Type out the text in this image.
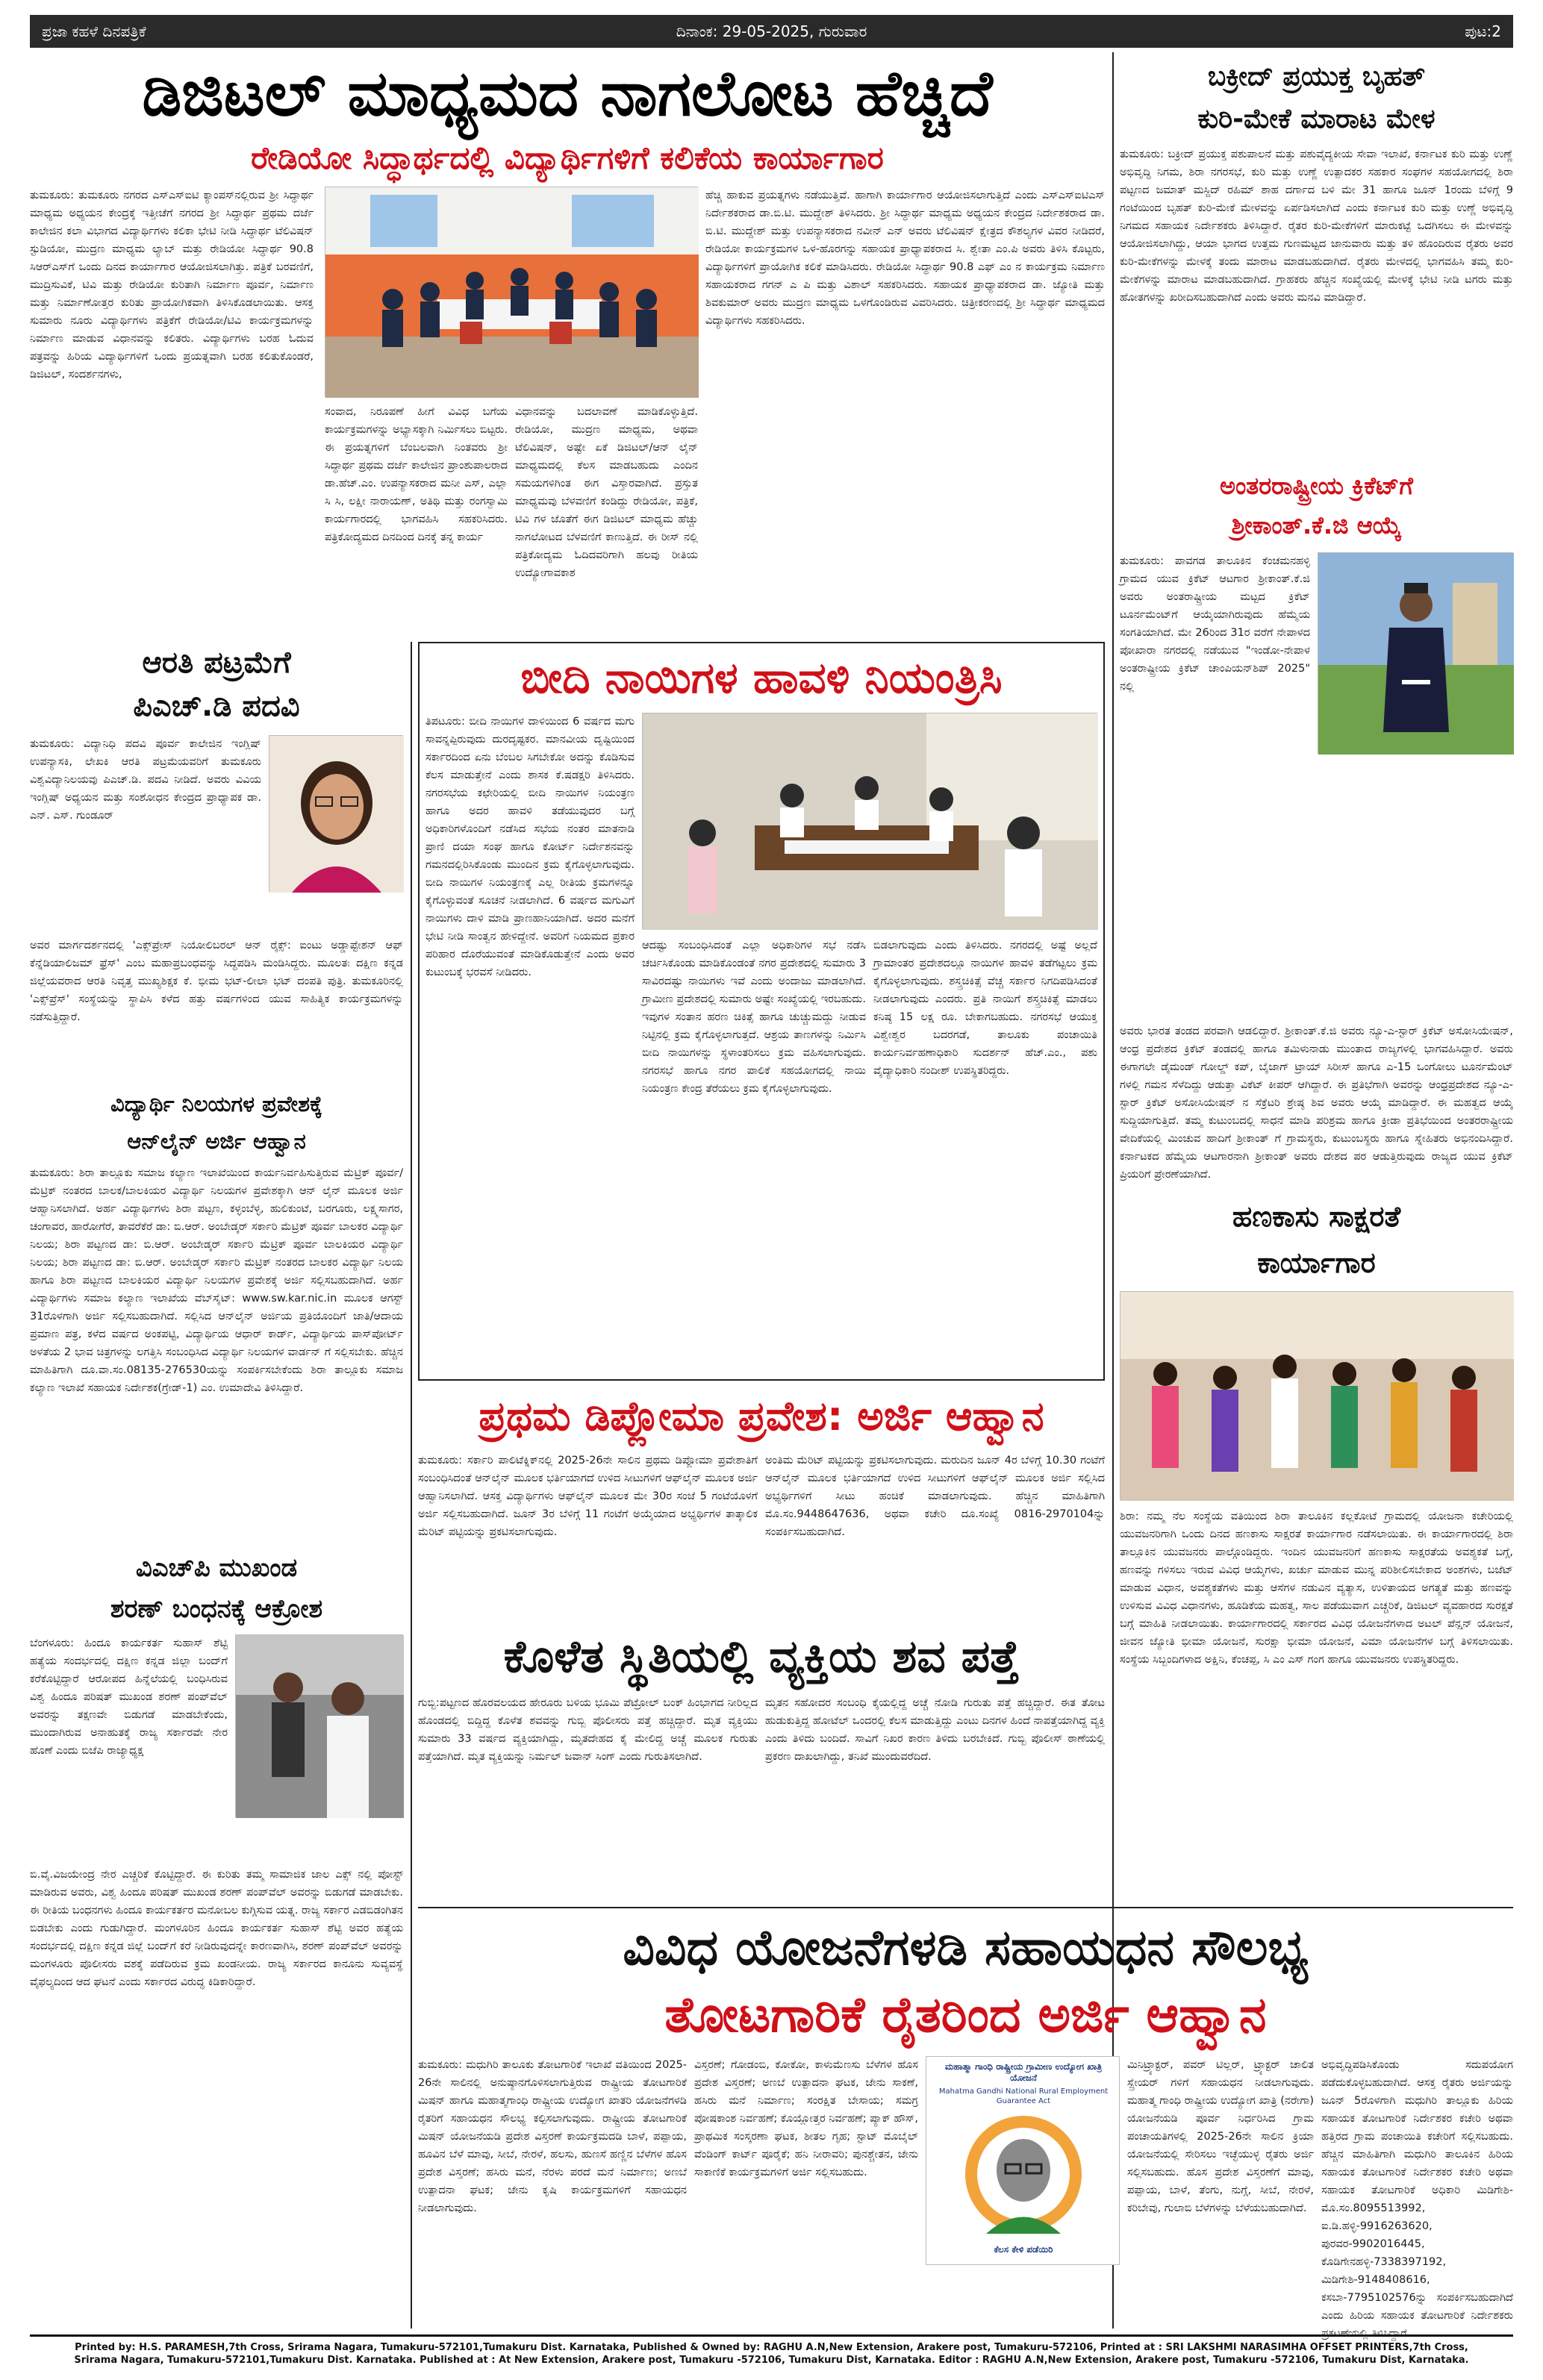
ಪ್ರಜಾ ಕಹಳೆ ದಿನಪತ್ರಿಕೆ	ದಿನಾಂಕ: 29-05-2025, ಗುರುವಾರ	ಪುಟ:2
ಡಿಜಿಟಲ್ ಮಾಧ್ಯಮದ ನಾಗಲೋಟ ಹೆಚ್ಚಿದೆ
ರೇಡಿಯೋ ಸಿದ್ಧಾರ್ಥದಲ್ಲಿ ವಿದ್ಯಾರ್ಥಿಗಳಿಗೆ ಕಲಿಕೆಯ ಕಾರ್ಯಾಗಾರ
ತುಮಕೂರು: ತುಮಕೂರು ನಗರದ ಎಸ್‌ಎಸ್‌ಐಟಿ ಕ್ಯಾಂಪಸ್‌ನಲ್ಲಿರುವ ಶ್ರೀ ಸಿದ್ಧಾರ್ಥ ಮಾಧ್ಯಮ ಅಧ್ಯಯನ ಕೇಂದ್ರಕ್ಕೆ ಇತ್ತೀಚೆಗೆ ನಗರದ ಶ್ರೀ ಸಿದ್ಧಾರ್ಥ ಪ್ರಥಮ ದರ್ಜೆ ಕಾಲೇಜಿನ ಕಲಾ ವಿಭಾಗದ ವಿದ್ಯಾರ್ಥಿಗಳು ಕಲಿಕಾ ಭೇಟಿ ನೀಡಿ ಸಿದ್ಧಾರ್ಥ ಟೆಲಿವಿಷನ್ ಸ್ಟುಡಿಯೋ, ಮುದ್ರಣ ಮಾಧ್ಯಮ ಲ್ಯಾಬ್ ಮತ್ತು ರೇಡಿಯೋ ಸಿದ್ಧಾರ್ಥ 90.8 ಸಿಆರ್‌ಎಸ್‌ಗೆ ಒಂದು ದಿನದ ಕಾರ್ಯಾಗಾರ ಆಯೋಜಿಸಲಾಗಿತ್ತು. ಪತ್ರಿಕೆ ಬರವಣಿಗೆ, ಮುದ್ರಿಸುವಿಕೆ, ಟಿವಿ ಮತ್ತು ರೇಡಿಯೋ ಕುರಿತಾಗಿ ನಿರ್ಮಾಣ ಪೂರ್ವ, ನಿರ್ಮಾಣ ಮತ್ತು ನಿರ್ಮಾಣೋತ್ತರ ಕುರಿತು ಪ್ರಾಯೋಗಿಕವಾಗಿ ತಿಳಿಸಿಕೊಡಲಾಯಿತು. ಆಸಕ್ತ ಸುಮಾರು ನೂರು ವಿದ್ಯಾರ್ಥಿಗಳು ಪತ್ರಿಕೆಗೆ ರೇಡಿಯೋ/ಟಿವಿ ಕಾರ್ಯಕ್ರಮಗಳನ್ನು ನಿರ್ಮಾಣ ಮಾಡುವ ವಿಧಾನವನ್ನು ಕಲಿತರು. ವಿದ್ಯಾರ್ಥಿಗಳು ಬರಹ ಓದುವ ಪತ್ರವನ್ನು ಹಿರಿಯ ವಿದ್ಯಾರ್ಥಿಗಳಿಗೆ ಒಂದು ಪ್ರಯತ್ನವಾಗಿ ಬರಹ ಕಲಿತುಕೊಂಡರೆ, ಡಿಜಿಟಲ್, ಸಂದರ್ಶನಗಳು,
ಸಂವಾದ, ನಿರೂಪಣೆ ಹೀಗೆ ವಿವಿಧ ಬಗೆಯ ಕಾರ್ಯಕ್ರಮಗಳನ್ನು ಅಭ್ಯಾಸಕ್ಕಾಗಿ ನಿರ್ಮಿಸಲು ಬಿಟ್ಟರು. ಈ ಪ್ರಯತ್ನಗಳಿಗೆ ಬೆಂಬಲವಾಗಿ ನಿಂತವರು ಶ್ರೀ ಸಿದ್ಧಾರ್ಥ ಪ್ರಥಮ ದರ್ಜೆ ಕಾಲೇಜಿನ ಪ್ರಾಂಶುಪಾಲರಾದ ಡಾ.ಹೆಚ್.ಎಂ. ಉಪನ್ಯಾಸಕರಾದ ಮನೀ ಎಸ್, ಎಲ್ಲಾ ಸಿ ಸಿ, ಲಕ್ಷೀ ನಾರಾಯಣ್, ಅತಿಥಿ ಮತ್ತು ರಂಗಸ್ವಾಮಿ ಕಾರ್ಯಗಾರದಲ್ಲಿ ಭಾಗವಹಿಸಿ ಸಹಕರಿಸಿದರು. ಪತ್ರಿಕೋದ್ಯಮದ ದಿನದಿಂದ ದಿನಕ್ಕೆ ತನ್ನ ಕಾರ್ಯ
ವಿಧಾನವನ್ನು ಬದಲಾವಣೆ ಮಾಡಿಕೊಳ್ಳುತ್ತಿದೆ. ರೇಡಿಯೋ, ಮುದ್ರಣ ಮಾಧ್ಯಮ, ಅಥವಾ ಟೆಲಿವಿಷನ್, ಅಷ್ಟೇ ಏಕೆ ಡಿಜಿಟಲ್/ಆನ್ ಲೈನ್ ಮಾಧ್ಯಮದಲ್ಲಿ ಕೆಲಸ ಮಾಡಬಹುದು ಎಂದಿನ ಸಮಯಗಳಿಗಿಂತ ಈಗ ವಿಸ್ತಾರವಾಗಿದೆ. ಪ್ರಸ್ತುತ ಮಾಧ್ಯಮವು ಬೆಳವಣಿಗೆ ಕಂಡಿದ್ದು ರೇಡಿಯೋ, ಪತ್ರಿಕೆ, ಟಿವಿ ಗಳ ಜೊತೆಗೆ ಈಗ ಡಿಜಿಟಲ್ ಮಾಧ್ಯಮ ಹೆಚ್ಚು ನಾಗಲೋಟದ ಬೆಳವಣಿಗೆ ಕಾಣುತ್ತಿದೆ. ಈ ರೀಸ್ ನಲ್ಲಿ ಪತ್ರಿಕೋದ್ಯಮ ಓದಿದವರಿಗಾಗಿ ಹಲವು ರೀತಿಯ ಉದ್ಯೋಗಾವಕಾಶ
ಹೆಚ್ಚಿ ಹಾಕುವ ಪ್ರಯತ್ನಗಳು ನಡೆಯುತ್ತಿವೆ. ಹಾಗಾಗಿ ಕಾರ್ಯಾಗಾರ ಆಯೋಜಿಸಲಾಗುತ್ತಿದೆ ಎಂದು ಎಸ್‌ಎಸ್‌ಐಟಿಎಸ್ ನಿರ್ದೇಶಕರಾದ ಡಾ.ಬಿ.ಟಿ. ಮುದ್ದೇಶ್ ತಿಳಿಸಿದರು. ಶ್ರೀ ಸಿದ್ಧಾರ್ಥ ಮಾಧ್ಯಮ ಅಧ್ಯಯನ ಕೇಂದ್ರದ ನಿರ್ದೇಶಕರಾದ ಡಾ. ಬಿ.ಟಿ. ಮುದ್ದೇಶ್ ಮತ್ತು ಉಪನ್ಯಾಸಕರಾದ ನವೀನ್ ಎನ್ ಅವರು ಟೆಲಿವಿಷನ್ ಕ್ಷೇತ್ರದ ಕೌಶಲ್ಯಗಳ ವಿವರ ನೀಡಿದರೆ, ರೇಡಿಯೋ ಕಾರ್ಯಕ್ರಮಗಳ ಒಳ-ಹೊರಗನ್ನು ಸಹಾಯಕ ಪ್ರಾಧ್ಯಾಪಕರಾದ ಸಿ. ಶ್ವೇತಾ ಎಂ.ಪಿ ಅವರು ತಿಳಿಸಿ ಕೊಟ್ಟರು, ವಿದ್ಯಾರ್ಥಿಗಳಿಗೆ ಪ್ರಾಯೋಗಿಕ ಕಲಿಕೆ ಮಾಡಿಸಿದರು. ರೇಡಿಯೋ ಸಿದ್ಧಾರ್ಥ 90.8 ಎಫ್ ಎಂ ನ ಕಾರ್ಯಕ್ರಮ ನಿರ್ಮಾಣ ಸಹಾಯಕರಾದ ಗಗನ್ ಎ ಪಿ ಮತ್ತು ವಿಶಾಲ್ ಸಹಕರಿಸಿದರು. ಸಹಾಯಕ ಪ್ರಾಧ್ಯಾಪಕರಾದ ಡಾ. ಜ್ಯೋತಿ ಮತ್ತು ಶಿವಕುಮಾರ್ ಅವರು ಮುದ್ರಣ ಮಾಧ್ಯಮ ಒಳಗೊಂಡಿರುವ ವಿವರಿಸಿದರು. ಚಿತ್ರೀಕರಣದಲ್ಲಿ ಶ್ರೀ ಸಿದ್ಧಾರ್ಥ ಮಾಧ್ಯಮದ ವಿದ್ಯಾರ್ಥಿಗಳು ಸಹಕರಿಸಿದರು.
ಬಕ್ರೀದ್ ಪ್ರಯುಕ್ತ ಬೃಹತ್
ಕುರಿ-ಮೇಕೆ ಮಾರಾಟ ಮೇಳ
ತುಮಕೂರು: ಬಕ್ರೀದ್ ಪ್ರಯುಕ್ತ ಪಶುಪಾಲನೆ ಮತ್ತು ಪಶುವೈದ್ಯಕೀಯ ಸೇವಾ ಇಲಾಖೆ, ಕರ್ನಾಟಕ ಕುರಿ ಮತ್ತು ಉಣ್ಣೆ ಅಭಿವೃದ್ಧಿ ನಿಗಮ, ಶಿರಾ ನಗರಸಭೆ, ಕುರಿ ಮತ್ತು ಉಣ್ಣೆ ಉತ್ಪಾದಕರ ಸಹಕಾರ ಸಂಘಗಳ ಸಹಯೋಗದಲ್ಲಿ ಶಿರಾ ಪಟ್ಟಣದ ಜಮಾತ್ ಮಸ್ಜಿದ್ ರಹಿಮ್ ಶಾಹ ದರ್ಗಾದ ಬಳಿ ಮೇ 31 ಹಾಗೂ ಜೂನ್ 1ರಂದು ಬೆಳಿಗ್ಗೆ 9 ಗಂಟೆಯಿಂದ ಬೃಹತ್ ಕುರಿ-ಮೇಕೆ ಮೇಳವನ್ನು ಏರ್ಪಡಿಸಲಾಗಿದೆ ಎಂದು ಕರ್ನಾಟಕ ಕುರಿ ಮತ್ತು ಉಣ್ಣೆ ಅಭಿವೃದ್ಧಿ ನಿಗಮದ ಸಹಾಯಕ ನಿರ್ದೇಶಕರು ತಿಳಿಸಿದ್ದಾರೆ. ರೈತರ ಕುರಿ-ಮೇಕೆಗಳಿಗೆ ಮಾರುಕಟ್ಟೆ ಒದಗಿಸಲು ಈ ಮೇಳವನ್ನು ಆಯೋಜಿಸಲಾಗಿದ್ದು, ಆಯಾ ಭಾಗದ ಉತ್ತಮ ಗುಣಮಟ್ಟದ ಜಾನುವಾರು ಮತ್ತು ತಳಿ ಹೊಂದಿರುವ ರೈತರು ಅವರ ಕುರಿ-ಮೇಕೆಗಳನ್ನು ಮೇಳಕ್ಕೆ ತಂದು ಮಾರಾಟ ಮಾಡಬಹುದಾಗಿದೆ. ರೈತರು ಮೇಳದಲ್ಲಿ ಭಾಗವಹಿಸಿ ತಮ್ಮ ಕುರಿ-ಮೇಕೆಗಳನ್ನು ಮಾರಾಟ ಮಾಡಬಹುದಾಗಿದೆ. ಗ್ರಾಹಕರು ಹೆಚ್ಚಿನ ಸಂಖ್ಯೆಯಲ್ಲಿ ಮೇಳಕ್ಕೆ ಭೇಟಿ ನೀಡಿ ಟಗರು ಮತ್ತು ಹೋತಗಳನ್ನು ಖರೀದಿಸಬಹುದಾಗಿದೆ ಎಂದು ಅವರು ಮನವಿ ಮಾಡಿದ್ದಾರೆ.
ಅಂತರರಾಷ್ಟ್ರೀಯ ಕ್ರಿಕೆಟ್‌ಗೆ
ಶ್ರೀಕಾಂತ್.ಕೆ.ಜಿ ಆಯ್ಕೆ
ತುಮಕೂರು: ಪಾವಗಡ ತಾಲೂಕಿನ ಕೆಂಚಮನಹಳ್ಳಿ ಗ್ರಾಮದ ಯುವ ಕ್ರಿಕೆಟ್ ಆಟಗಾರ ಶ್ರೀಕಾಂತ್.ಕೆ.ಜಿ ಅವರು ಅಂತರಾಷ್ಟ್ರೀಯ ಮಟ್ಟದ ಕ್ರಿಕೆಟ್ ಟೂರ್ನಮೆಂಟ್‌ಗೆ ಆಯ್ಕೆಯಾಗಿರುವುದು ಹೆಮ್ಮೆಯ ಸಂಗತಿಯಾಗಿದೆ. ಮೇ 26ರಿಂದ 31ರ ವರೆಗೆ ನೇಪಾಳದ ಪೋಖಾರಾ ನಗರದಲ್ಲಿ ನಡೆಯುವ "ಇಂಡೋ-ನೇಪಾಳ ಅಂತರಾಷ್ಟ್ರೀಯ ಕ್ರಿಕೆಟ್ ಚಾಂಪಿಯನ್‌ಶಿಪ್ 2025" ನಲ್ಲಿ
ಅವರು ಭಾರತ ತಂಡದ ಪರವಾಗಿ ಆಡಲಿದ್ದಾರೆ. ಶ್ರೀಕಾಂತ್.ಕೆ.ಜಿ ಅವರು ನ್ಯೂ-ಎ-ಸ್ಟಾರ್ ಕ್ರಿಕೆಟ್ ಅಸೋಸಿಯೇಷನ್, ಆಂಧ್ರ ಪ್ರದೇಶದ ಕ್ರಿಕೆಟ್ ತಂಡದಲ್ಲಿ ಹಾಗೂ ತಮಿಳುನಾಡು ಮುಂತಾದ ರಾಜ್ಯಗಳಲ್ಲಿ ಭಾಗವಹಿಸಿದ್ದಾರೆ. ಅವರು ಈಗಾಗಲೇ ಡೈಮಂಡ್ ಗೋಲ್ಡ್ ಕಪ್, ಬೈಜಾಗ್ ಟ್ರಾಯ್ ಸಿರೀಸ್ ಹಾಗೂ ಎ-15 ಒಂಗೋಲು ಟೂರ್ನಮೆಂಟ್ ಗಳಲ್ಲಿ ಗಮನ ಸೆಳೆದಿದ್ದು ಆಡುತ್ತಾ ವಿಕೆಟ್ ಕೀಪರ್ ಆಗಿದ್ದಾರೆ. ಈ ಪ್ರತಿಭೆಗಾಗಿ ಅವರನ್ನು ಆಂಧ್ರಪ್ರದೇಶದ ನ್ಯೂ-ಎ-ಸ್ಟಾರ್ ಕ್ರಿಕೆಟ್ ಅಸೋಸಿಯೇಷನ್ ನ ಸೆಕ್ರೆಟರಿ ಶ್ರೇಷ್ಠ ಶಿವ ಅವರು ಆಯ್ಕೆ ಮಾಡಿದ್ದಾರೆ. ಈ ಮಹತ್ವದ ಆಯ್ಕೆ ಸುದ್ದಿಯಾಗುತ್ತಿದೆ. ತಮ್ಮ ಕುಟುಂಬದಲ್ಲಿ ಸಾಧನೆ ಮಾಡಿ ಪರಿಶ್ರಮ ಹಾಗೂ ಕ್ರೀಡಾ ಪ್ರತಿಭೆಯಿಂದ ಅಂತರರಾಷ್ಟ್ರೀಯ ವೇದಿಕೆಯಲ್ಲಿ ಮಿಂಚುವ ಹಾದಿಗೆ ಶ್ರೀಕಾಂತ್ ಗೆ ಗ್ರಾಮಸ್ಥರು, ಕುಟುಂಬಸ್ಥರು ಹಾಗೂ ಸ್ನೇಹಿತರು ಅಭಿನಂದಿಸಿದ್ದಾರೆ. ಕರ್ನಾಟಕದ ಹೆಮ್ಮೆಯ ಆಟಗಾರನಾಗಿ ಶ್ರೀಕಾಂತ್ ಅವರು ದೇಶದ ಪರ ಆಡುತ್ತಿರುವುದು ರಾಜ್ಯದ ಯುವ ಕ್ರಿಕೆಟ್ ಪ್ರಿಯರಿಗೆ ಪ್ರೇರಣೆಯಾಗಿದೆ.
ಆರತಿ ಪಟ್ರಮೆಗೆ
ಪಿಎಚ್.ಡಿ ಪದವಿ
ತುಮಕೂರು: ವಿದ್ಯಾನಿಧಿ ಪದವಿ ಪೂರ್ವ ಕಾಲೇಜಿನ ಇಂಗ್ಲಿಷ್ ಉಪನ್ಯಾಸಕಿ, ಲೇಖಕಿ ಆರತಿ ಪಟ್ರಮೆಯವರಿಗೆ ತುಮಕೂರು ವಿಶ್ವವಿದ್ಯಾನಿಲಯವು ಪಿಎಚ್.ಡಿ. ಪದವಿ ನೀಡಿದೆ. ಅವರು ವಿವಿಯ ಇಂಗ್ಲಿಷ್ ಅಧ್ಯಯನ ಮತ್ತು ಸಂಶೋಧನ ಕೇಂದ್ರದ ಪ್ರಾಧ್ಯಾಪಕ ಡಾ. ಎನ್. ಎಸ್. ಗುಂಡೂರ್
ಅವರ ಮಾರ್ಗದರ್ಶನದಲ್ಲಿ 'ಎಕ್ಸ್‌ಪ್ರೇಸ್ ನಿಯೋಲಿಬರಲ್ ಆನ್ ರೈಕ್ಸ್: ಐಂಟು ಅಡ್ಡಾಪ್ಟೇಶನ್ ಆಫ್ ಕೆನ್ನೆಡಿಯಾಲಿಜಮ್ ಫ್ರೆಸ್' ಎಂಬ ಮಹಾಪ್ರಬಂಧವನ್ನು ಸಿದ್ಧಪಡಿಸಿ ಮಂಡಿಸಿದ್ದರು. ಮೂಲತಃ ದಕ್ಷಿಣ ಕನ್ನಡ ಜಿಲ್ಲೆಯವರಾದ ಆರತಿ ನಿವೃತ್ತ ಮುಖ್ಯಶಿಕ್ಷಕ ಕೆ. ಭೀಮ ಭಟ್-ಲೀಲಾ ಭಟ್ ದಂಪತಿ ಪುತ್ರಿ. ತುಮಕೂರಿನಲ್ಲಿ 'ಎಕ್ಸ್‌ಪ್ರೆಸ್' ಸಂಸ್ಥೆಯನ್ನು ಸ್ಥಾಪಿಸಿ ಕಳೆದ ಹತ್ತು ವರ್ಷಗಳಿಂದ ಯುವ ಸಾಹಿತ್ಯಿಕ ಕಾರ್ಯಕ್ರಮಗಳನ್ನು ನಡೆಸುತ್ತಿದ್ದಾರೆ.
ವಿದ್ಯಾರ್ಥಿ ನಿಲಯಗಳ ಪ್ರವೇಶಕ್ಕೆ
ಆನ್‌ಲೈನ್ ಅರ್ಜಿ ಆಹ್ವಾನ
ತುಮಕೂರು: ಶಿರಾ ತಾಲ್ಲೂಕು ಸಮಾಜ ಕಲ್ಯಾಣ ಇಲಾಖೆಯಿಂದ ಕಾರ್ಯನಿರ್ವಹಿಸುತ್ತಿರುವ ಮೆಟ್ರಿಕ್ ಪೂರ್ವ/ಮೆಟ್ರಿಕ್ ನಂತರದ ಬಾಲಕ/ಬಾಲಕಿಯರ ವಿದ್ಯಾರ್ಥಿ ನಿಲಯಗಳ ಪ್ರವೇಶಕ್ಕಾಗಿ ಆನ್ ಲೈನ್ ಮೂಲಕ ಅರ್ಜಿ ಆಹ್ವಾನಿಸಲಾಗಿದೆ. ಅರ್ಹ ವಿದ್ಯಾರ್ಥಿಗಳು ಶಿರಾ ಪಟ್ಟಣ, ಕಳ್ಳಂಬೆಳ್ಳ, ಹುಲಿಕುಂಟೆ, ಬರಗೂರು, ಲಕ್ಷ್ಮಸಾಗರ, ಚಂಗಾವರ, ಹಾರೋಗೆರೆ, ತಾವರೆಕೆರೆ ಡಾ: ಬಿ.ಆರ್. ಅಂಬೇಡ್ಕರ್ ಸರ್ಕಾರಿ ಮೆಟ್ರಿಕ್ ಪೂರ್ವ ಬಾಲಕರ ವಿದ್ಯಾರ್ಥಿ ನಿಲಯ; ಶಿರಾ ಪಟ್ಟಣದ ಡಾ: ಬಿ.ಆರ್. ಅಂಬೇಡ್ಕರ್ ಸರ್ಕಾರಿ ಮೆಟ್ರಿಕ್ ಪೂರ್ವ ಬಾಲಕಿಯರ ವಿದ್ಯಾರ್ಥಿ ನಿಲಯ; ಶಿರಾ ಪಟ್ಟಣದ ಡಾ: ಬಿ.ಆರ್. ಅಂಬೇಡ್ಕರ್ ಸರ್ಕಾರಿ ಮೆಟ್ರಿಕ್ ನಂತರದ ಬಾಲಕರ ವಿದ್ಯಾರ್ಥಿ ನಿಲಯ ಹಾಗೂ ಶಿರಾ ಪಟ್ಟಣದ ಬಾಲಕಿಯರ ವಿದ್ಯಾರ್ಥಿ ನಿಲಯಗಳ ಪ್ರವೇಶಕ್ಕೆ ಅರ್ಜಿ ಸಲ್ಲಿಸಬಹುದಾಗಿದೆ. ಅರ್ಹ ವಿದ್ಯಾರ್ಥಿಗಳು ಸಮಾಜ ಕಲ್ಯಾಣ ಇಲಾಖೆಯ ವೆಬ್‌ಸೈಟ್: www.sw.kar.nic.in ಮೂಲಕ ಆಗಸ್ಟ್ 31ರೊಳಗಾಗಿ ಅರ್ಜಿ ಸಲ್ಲಿಸಬಹುದಾಗಿದೆ. ಸಲ್ಲಿಸಿದ ಆನ್‌ಲೈನ್ ಅರ್ಜಿಯ ಪ್ರತಿಯೊಂದಿಗೆ ಜಾತಿ/ಆದಾಯ ಪ್ರಮಾಣ ಪತ್ರ, ಕಳೆದ ವರ್ಷದ ಅಂಕಪಟ್ಟಿ, ವಿದ್ಯಾರ್ಥಿಯ ಆಧಾರ್ ಕಾರ್ಡ್, ವಿದ್ಯಾರ್ಥಿಯ ಪಾಸ್‌ಪೋರ್ಟ್ ಅಳತೆಯ 2 ಭಾವ ಚಿತ್ರಗಳನ್ನು ಲಗತ್ತಿಸಿ ಸಂಬಂಧಿಸಿದ ವಿದ್ಯಾರ್ಥಿ ನಿಲಯಗಳ ವಾರ್ಡನ್ ಗೆ ಸಲ್ಲಿಸಬೇಕು. ಹೆಚ್ಚಿನ ಮಾಹಿತಿಗಾಗಿ ದೂ.ವಾ.ಸಂ.08135-276530ಯನ್ನು ಸಂಪರ್ಕಿಸಬೇಕೆಂದು ಶಿರಾ ತಾಲ್ಲೂಕು ಸಮಾಜ ಕಲ್ಯಾಣ ಇಲಾಖೆ ಸಹಾಯಕ ನಿರ್ದೇಶಕ(ಗ್ರೇಡ್-1) ಎಂ. ಉಮಾದೇವಿ ತಿಳಿಸಿದ್ದಾರೆ.
ವಿಎಚ್‌ಪಿ ಮುಖಂಡ
ಶರಣ್ ಬಂಧನಕ್ಕೆ ಆಕ್ರೋಶ
ಬೆಂಗಳೂರು: ಹಿಂದೂ ಕಾರ್ಯಕರ್ತ ಸುಹಾಸ್ ಶೆಟ್ಟಿ ಹತ್ಯೆಯ ಸಂದರ್ಭದಲ್ಲಿ ದಕ್ಷಿಣ ಕನ್ನಡ ಜಿಲ್ಲಾ ಬಂದ್‌ಗೆ ಕರೆಕೊಟ್ಟಿದ್ದಾರೆ ಆರೋಪದ ಹಿನ್ನೆಲೆಯಲ್ಲಿ ಬಂಧಿಸಿರುವ ವಿಶ್ವ ಹಿಂದೂ ಪರಿಷತ್ ಮುಖಂಡ ಶರಣ್ ಪಂಪ್‌ವೆಲ್ ಅವರನ್ನು ತಕ್ಷಣವೇ ಬಿಡುಗಡೆ ಮಾಡಬೇಕೆಂದು, ಮುಂದಾಗಿರುವ ಅನಾಹುತಕ್ಕೆ ರಾಜ್ಯ ಸರ್ಕಾರವೇ ನೇರ ಹೊಣೆ ಎಂದು ಬಿಜೆಪಿ ರಾಜ್ಯಾಧ್ಯಕ್ಷ
ಬಿ.ವೈ.ವಿಜಯೇಂದ್ರ ನೇರ ಎಚ್ಚರಿಕೆ ಕೊಟ್ಟಿದ್ದಾರೆ. ಈ ಕುರಿತು ತಮ್ಮ ಸಾಮಾಜಿಕ ಜಾಲ ಎಕ್ಸ್ ನಲ್ಲಿ ಪೋಸ್ಟ್ ಮಾಡಿರುವ ಅವರು, ವಿಶ್ವ ಹಿಂದೂ ಪರಿಷತ್ ಮುಖಂಡ ಶರಣ್ ಪಂಪ್‌ವೆಲ್ ಅವರನ್ನು ಬಿಡುಗಡೆ ಮಾಡಬೇಕು. ಈ ರೀತಿಯ ಬಂಧನಗಳು ಹಿಂದೂ ಕಾರ್ಯಕರ್ತರ ಮನೋಬಲ ಕುಗ್ಗಿಸುವ ಯತ್ನ. ರಾಜ್ಯ ಸರ್ಕಾರ ಎಡಬಿಡಂಗಿತನ ಬಿಡಬೇಕು ಎಂದು ಗುಡುಗಿದ್ದಾರೆ. ಮಂಗಳೂರಿನ ಹಿಂದೂ ಕಾರ್ಯಕರ್ತ ಸುಹಾಸ್ ಶೆಟ್ಟಿ ಅವರ ಹತ್ಯೆಯ ಸಂದರ್ಭದಲ್ಲಿ ದಕ್ಷಿಣ ಕನ್ನಡ ಜಿಲ್ಲೆ ಬಂದ್‌ಗೆ ಕರೆ ನೀಡಿರುವುದನ್ನೇ ಕಾರಣವಾಗಿಸಿ, ಶರಣ್ ಪಂಪ್‌ವೆಲ್ ಅವರನ್ನು ಮಂಗಳೂರು ಪೊಲೀಸರು ವಶಕ್ಕೆ ಪಡೆದಿರುವ ಕ್ರಮ ಖಂಡನೀಯ. ರಾಜ್ಯ ಸರ್ಕಾರದ ಕಾನೂನು ಸುವ್ಯವಸ್ಥೆ ವೈಫಲ್ಯದಿಂದ ಆದ ಘಟನೆ ಎಂದು ಸರ್ಕಾರದ ವಿರುದ್ಧ ಕಿಡಿಕಾರಿದ್ದಾರೆ.
ಬೀದಿ ನಾಯಿಗಳ ಹಾವಳಿ ನಿಯಂತ್ರಿಸಿ
ತಿಪಟೂರು: ಬೀದಿ ನಾಯಿಗಳ ದಾಳಿಯಿಂದ 6 ವರ್ಷದ ಮಗು ಸಾವನ್ನಪ್ಪಿರುವುದು ದುರದೃಷ್ಟಕರ. ಮಾನವೀಯ ದೃಷ್ಟಿಯಿಂದ ಸರ್ಕಾರದಿಂದ ಏನು ಬೆಂಬಲ ಸಿಗಬೇಕೋ ಅದನ್ನು ಕೊಡಿಸುವ ಕೆಲಸ ಮಾಡುತ್ತೇನೆ ಎಂದು ಶಾಸಕ ಕೆ.ಷಡಕ್ಷರಿ ತಿಳಿಸಿದರು. ನಗರಸಭೆಯ ಕಛೇರಿಯಲ್ಲಿ ಬೀದಿ ನಾಯಿಗಳ ನಿಯಂತ್ರಣ ಹಾಗೂ ಅದರ ಹಾವಳಿ ತಡೆಯುವುದರ ಬಗ್ಗೆ ಅಧಿಕಾರಿಗಳೊಂದಿಗೆ ನಡೆಸಿದ ಸಭೆಯ ನಂತರ ಮಾತನಾಡಿ ಪ್ರಾಣಿ ದಯಾ ಸಂಘ ಹಾಗೂ ಕೋರ್ಟ್ ನಿರ್ದೇಶನವನ್ನು ಗಮನದಲ್ಲಿರಿಸಿಕೊಂಡು ಮುಂದಿನ ಕ್ರಮ ಕೈಗೊಳ್ಳಲಾಗುವುದು. ಬೀದಿ ನಾಯಿಗಳ ನಿಯಂತ್ರಣಕ್ಕೆ ಎಲ್ಲ ರೀತಿಯ ಕ್ರಮಗಳನ್ನೂ ಕೈಗೊಳ್ಳುವಂತೆ ಸೂಚನೆ ನೀಡಲಾಗಿದೆ. 6 ವರ್ಷದ ಮಗುವಿಗೆ ನಾಯಿಗಳು ದಾಳಿ ಮಾಡಿ ಪ್ರಾಣಹಾನಿಯಾಗಿದೆ. ಅದರ ಮನೆಗೆ ಭೇಟಿ ನೀಡಿ ಸಾಂತ್ವನ ಹೇಳಿದ್ದೇನೆ. ಅವರಿಗೆ ನಿಯಮದ ಪ್ರಕಾರ ಪರಿಹಾರ ದೊರೆಯುವಂತೆ ಮಾಡಿಕೊಡುತ್ತೇನೆ ಎಂದು ಅವರ ಕುಟುಂಬಕ್ಕೆ ಭರವಸೆ ನೀಡಿದರು.
ಆದಷ್ಟು ಸಂಬಂಧಿಸಿದಂತೆ ಎಲ್ಲಾ ಅಧಿಕಾರಿಗಳ ಸಭೆ ನಡೆಸಿ ಚರ್ಚಿಸಿಕೊಂಡು ಮಾಡಿಕೊಂಡಂತೆ ನಗರ ಪ್ರದೇಶದಲ್ಲಿ ಸುಮಾರು 3 ಸಾವಿರದಷ್ಟು ನಾಯಿಗಳು ಇವೆ ಎಂದು ಅಂದಾಜು ಮಾಡಲಾಗಿದೆ. ಗ್ರಾಮೀಣ ಪ್ರದೇಶದಲ್ಲಿ ಸುಮಾರು ಅಷ್ಟೇ ಸಂಖ್ಯೆಯಲ್ಲಿ ಇರಬಹುದು. ಇವುಗಳ ಸಂತಾನ ಹರಣ ಚಿಕಿತ್ಸೆ ಹಾಗೂ ಚುಚ್ಚುಮದ್ದು ನೀಡುವ ನಿಟ್ಟಿನಲ್ಲಿ ಕ್ರಮ ಕೈಗೊಳ್ಳಲಾಗುತ್ತದೆ. ಆಶ್ರಯ ತಾಣಗಳನ್ನು ನಿರ್ಮಿಸಿ ಬೀದಿ ನಾಯಿಗಳನ್ನು ಸ್ಥಳಾಂತರಿಸಲು ಕ್ರಮ ವಹಿಸಲಾಗುವುದು. ನಗರಸಭೆ ಹಾಗೂ ನಗರ ಪಾಲಿಕೆ ಸಹಯೋಗದಲ್ಲಿ ನಾಯಿ ನಿಯಂತ್ರಣ ಕೇಂದ್ರ ತೆರೆಯಲು ಕ್ರಮ ಕೈಗೊಳ್ಳಲಾಗುವುದು.
ಬಿಡಲಾಗುವುದು ಎಂದು ತಿಳಿಸಿದರು. ನಗರದಲ್ಲಿ ಅಷ್ಟೆ ಅಲ್ಲದೆ ಗ್ರಾಮಾಂತರ ಪ್ರದೇಶದಲ್ಲೂ ನಾಯಿಗಳ ಹಾವಳಿ ತಡೆಗಟ್ಟಲು ಕ್ರಮ ಕೈಗೊಳ್ಳಲಾಗುವುದು. ಶಸ್ತ್ರಚಿಕಿತ್ಸೆ ವೆಚ್ಚ ಸರ್ಕಾರ ನಿಗದಿಪಡಿಸಿದಂತೆ ನೀಡಲಾಗುವುದು ಎಂದರು. ಪ್ರತಿ ನಾಯಿಗೆ ಶಸ್ತ್ರಚಿಕಿತ್ಸೆ ಮಾಡಲು ಕನಿಷ್ಠ 15 ಲಕ್ಷ ರೂ. ಬೇಕಾಗಬಹುದು. ನಗರಸಭೆ ಆಯುಕ್ತ ವಿಶ್ವೇಶ್ವರ ಬದರಗಡೆ, ತಾಲೂಕು ಪಂಚಾಯಿತಿ ಕಾರ್ಯನಿರ್ವಹಣಾಧಿಕಾರಿ ಸುದರ್ಶನ್ ಹೆಚ್.ಎಂ., ಪಶು ವೈದ್ಯಾಧಿಕಾರಿ ನಂದೀಶ್ ಉಪಸ್ಥಿತರಿದ್ದರು.
ಪ್ರಥಮ ಡಿಪ್ಲೋಮಾ ಪ್ರವೇಶ: ಅರ್ಜಿ ಆಹ್ವಾನ
ತುಮಕೂರು: ಸರ್ಕಾರಿ ಪಾಲಿಟೆಕ್ನಿಕ್‌ನಲ್ಲಿ 2025-26ನೇ ಸಾಲಿನ ಪ್ರಥಮ ಡಿಪ್ಲೋಮಾ ಪ್ರವೇಶಾತಿಗೆ ಸಂಬಂಧಿಸಿದಂತೆ ಆನ್‌ಲೈನ್ ಮೂಲಕ ಭರ್ತಿಯಾಗದೆ ಉಳಿದ ಸೀಟುಗಳಿಗೆ ಆಫ್‌ಲೈನ್ ಮೂಲಕ ಅರ್ಜಿ ಆಹ್ವಾನಿಸಲಾಗಿದೆ. ಆಸಕ್ತ ವಿದ್ಯಾರ್ಥಿಗಳು ಆಫ್‌ಲೈನ್ ಮೂಲಕ ಮೇ 30ರ ಸಂಜೆ 5 ಗಂಟೆಯೊಳಗೆ ಅರ್ಜಿ ಸಲ್ಲಿಸಬಹುದಾಗಿದೆ. ಜೂನ್ 3ರ ಬೆಳಿಗ್ಗೆ 11 ಗಂಟೆಗೆ ಅಯ್ಕೆಯಾದ ಅಭ್ಯರ್ಥಿಗಳ ತಾತ್ಕಾಲಿಕ ಮೆರಿಟ್ ಪಟ್ಟಿಯನ್ನು ಪ್ರಕಟಿಸಲಾಗುವುದು.
ಅಂತಿಮ ಮೆರಿಟ್ ಪಟ್ಟಿಯನ್ನು ಪ್ರಕಟಿಸಲಾಗುವುದು. ಮರುದಿನ ಜೂನ್ 4ರ ಬೆಳಿಗ್ಗೆ 10.30 ಗಂಟೆಗೆ ಆನ್‌ಲೈನ್ ಮೂಲಕ ಭರ್ತಿಯಾಗದೆ ಉಳಿದ ಸೀಟುಗಳಿಗೆ ಆಫ್‌ಲೈನ್ ಮೂಲಕ ಅರ್ಜಿ ಸಲ್ಲಿಸಿದ ಅಭ್ಯರ್ಥಿಗಳಿಗೆ ಸೀಟು ಹಂಚಿಕೆ ಮಾಡಲಾಗುವುದು. ಹೆಚ್ಚಿನ ಮಾಹಿತಿಗಾಗಿ ಮೊ.ಸಂ.9448647636, ಅಥವಾ ಕಚೇರಿ ದೂ.ಸಂಖ್ಯೆ 0816-2970104ನ್ನು ಸಂಪರ್ಕಿಸಬಹುದಾಗಿದೆ.
ಕೊಳೆತ ಸ್ಥಿತಿಯಲ್ಲಿ ವ್ಯಕ್ತಿಯ ಶವ ಪತ್ತೆ
ಗುಬ್ಬಿ:ಪಟ್ಟಣದ ಹೊರವಲಯದ ಹೇರೂರು ಬಳಿಯ ಭೂಮಿ ಪೆಟ್ರೋಲ್ ಬಂಕ್ ಹಿಂಭಾಗದ ನೀರಿಲ್ಲದ ಹೊಂಡದಲ್ಲಿ ಬಿದ್ದಿದ್ದ ಕೊಳೆತ ಶವವನ್ನು ಗುಬ್ಬಿ ಪೊಲೀಸರು ಪತ್ತೆ ಹಚ್ಚಿದ್ದಾರೆ. ಮೃತ ವ್ಯಕ್ತಿಯು ಸುಮಾರು 33 ವರ್ಷದ ವ್ಯಕ್ತಿಯಾಗಿದ್ದು, ಮೃತದೇಹದ ಕೈ ಮೇಲಿದ್ದ ಅಚ್ಚೆ ಮೂಲಕ ಗುರುತು ಪತ್ತೆಯಾಗಿದೆ. ಮೃತ ವ್ಯಕ್ತಿಯನ್ನು ನಿರ್ಮಲ್ ಜವಾನ್ ಸಿಂಗ್ ಎಂದು ಗುರುತಿಸಲಾಗಿದೆ.
ಮೃತನ ಸಹೋದರ ಸಂಬಂಧಿ ಕೈಯಲ್ಲಿದ್ದ ಅಚ್ಚೆ ನೋಡಿ ಗುರುತು ಪತ್ತೆ ಹಚ್ಚಿದ್ದಾರೆ. ಈತ ತೋಟ ಹುಡುಕುತ್ತಿದ್ದ ಹೋಟೆಲ್ ಒಂದರಲ್ಲಿ ಕೆಲಸ ಮಾಡುತ್ತಿದ್ದು ಎಂಟು ದಿನಗಳ ಹಿಂದೆ ನಾಪತ್ತೆಯಾಗಿದ್ದ ವ್ಯಕ್ತಿ ಎಂದು ತಿಳಿದು ಬಂದಿದೆ. ಸಾವಿಗೆ ನಿಖರ ಕಾರಣ ತಿಳಿದು ಬರಬೇಕಿದೆ. ಗುಬ್ಬಿ ಪೊಲೀಸ್ ಠಾಣೆಯಲ್ಲಿ ಪ್ರಕರಣ ದಾಖಲಾಗಿದ್ದು, ತನಿಖೆ ಮುಂದುವರೆದಿದೆ.
ಹಣಕಾಸು ಸಾಕ್ಷರತೆ
ಕಾರ್ಯಾಗಾರ
ಶಿರಾ: ನಮ್ಮ ನೆಲ ಸಂಸ್ಥೆಯ ವತಿಯಿಂದ ಶಿರಾ ತಾಲೂಕಿನ ಕಲ್ಲಕೋಟೆ ಗ್ರಾಮದಲ್ಲಿ ಯೋಜನಾ ಕಚೇರಿಯಲ್ಲಿ ಯುವಜನರಿಗಾಗಿ ಒಂದು ದಿನದ ಹಣಕಾಸು ಸಾಕ್ಷರತೆ ಕಾರ್ಯಾಗಾರ ನಡೆಸಲಾಯಿತು. ಈ ಕಾರ್ಯಾಗಾರದಲ್ಲಿ ಶಿರಾ ತಾಲ್ಲೂಕಿನ ಯುವಜನರು ಪಾಲ್ಗೊಂಡಿದ್ದರು. ಇಂದಿನ ಯುವಜನರಿಗೆ ಹಣಕಾಸು ಸಾಕ್ಷರತೆಯ ಅವಶ್ಯಕತೆ ಬಗ್ಗೆ, ಹಣವನ್ನು ಗಳಿಸಲು ಇರುವ ವಿವಿಧ ಆಯ್ಕೆಗಳು, ಖರ್ಚು ಮಾಡುವ ಮುನ್ನ ಪರಿಶೀಲಿಸಬೇಕಾದ ಅಂಶಗಳು, ಬಜೆಟ್ ಮಾಡುವ ವಿಧಾನ, ಅವಶ್ಯಕತೆಗಳು ಮತ್ತು ಆಸೆಗಳ ನಡುವಿನ ವ್ಯತ್ಯಾಸ, ಉಳಿತಾಯದ ಅಗತ್ಯತೆ ಮತ್ತು ಹಣವನ್ನು ಉಳಿಸುವ ವಿವಿಧ ವಿಧಾನಗಳು, ಹೂಡಿಕೆಯ ಮಹತ್ವ, ಸಾಲ ಪಡೆಯುವಾಗ ಎಚ್ಚರಿಕೆ, ಡಿಜಿಟಲ್ ವ್ಯವಹಾರದ ಸುರಕ್ಷತೆ ಬಗ್ಗೆ ಮಾಹಿತಿ ನೀಡಲಾಯಿತು. ಕಾರ್ಯಾಗಾರದಲ್ಲಿ ಸರ್ಕಾರದ ವಿವಿಧ ಯೋಜನೆಗಳಾದ ಅಟಲ್ ಪೆನ್ಷನ್ ಯೋಜನೆ, ಜೀವನ ಜ್ಯೋತಿ ಭೀಮಾ ಯೋಜನೆ, ಸುರಕ್ಷಾ ಭೀಮಾ ಯೋಜನೆ, ವಿಮಾ ಯೋಜನೆಗಳ ಬಗ್ಗೆ ತಿಳಿಸಲಾಯಿತು. ಸಂಸ್ಥೆಯ ಸಿಬ್ಬಂದಿಗಳಾದ ಅಕ್ಷಿನಿ, ಕೆಂಚಪ್ಪ, ಸಿ ಎಂ ಎಸ್ ಗಂಗ ಹಾಗೂ ಯುವಜನರು ಉಪಸ್ಥಿತರಿದ್ದರು.
ವಿವಿಧ ಯೋಜನೆಗಳಡಿ ಸಹಾಯಧನ ಸೌಲಭ್ಯ
ತೋಟಗಾರಿಕೆ ರೈತರಿಂದ ಅರ್ಜಿ ಆಹ್ವಾನ
ತುಮಕೂರು: ಮಧುಗಿರಿ ತಾಲೂಕು ತೋಟಗಾರಿಕೆ ಇಲಾಖೆ ವತಿಯಿಂದ 2025-26ನೇ ಸಾಲಿನಲ್ಲಿ ಅನುಷ್ಠಾನಗೊಳಿಸಲಾಗುತ್ತಿರುವ ರಾಷ್ಟ್ರೀಯ ತೋಟಗಾರಿಕೆ ಮಿಷನ್ ಹಾಗೂ ಮಹಾತ್ಮಗಾಂಧಿ ರಾಷ್ಟ್ರೀಯ ಉದ್ಯೋಗ ಖಾತರಿ ಯೋಜನೆಗಳಡಿ ರೈತರಿಗೆ ಸಹಾಯಧನ ಸೌಲಭ್ಯ ಕಲ್ಪಿಸಲಾಗುವುದು. ರಾಷ್ಟ್ರೀಯ ತೋಟಗಾರಿಕೆ ಮಿಷನ್ ಯೋಜನೆಯಡಿ ಪ್ರದೇಶ ವಿಸ್ತರಣೆ ಕಾರ್ಯಕ್ರಮದಡಿ ಬಾಳೆ, ಪಪ್ಪಾಯ, ಹೂವಿನ ಬೆಳೆ ಮಾವು, ಸೀಬೆ, ನೇರಳೆ, ಹಲಸು, ಹುಣಸೆ ಹಣ್ಣಿನ ಬೆಳೆಗಳ ಹೊಸ ಪ್ರದೇಶ ವಿಸ್ತರಣೆ; ಹಸಿರು ಮನೆ, ನೆರಳು ಪರದೆ ಮನೆ ನಿರ್ಮಾಣ; ಅಣಬೆ ಉತ್ಪಾದನಾ ಘಟಕ; ಜೇನು ಕೃಷಿ ಕಾರ್ಯಕ್ರಮಗಳಿಗೆ ಸಹಾಯಧನ ನೀಡಲಾಗುವುದು.
ವಿಸ್ತರಣೆ; ಗೋಡಂಬಿ, ಕೋಕೋ, ಕಾಳುಮೆಣಸು ಬೆಳೆಗಳ ಹೊಸ ಪ್ರದೇಶ ವಿಸ್ತರಣೆ; ಅಣಬೆ ಉತ್ಪಾದನಾ ಘಟಕ, ಜೇನು ಸಾಕಣೆ, ಹಸಿರು ಮನೆ ನಿರ್ಮಾಣ; ಸಂರಕ್ಷಿತ ಬೇಸಾಯ; ಸಮಗ್ರ ಪೋಷಕಾಂಶ ನಿರ್ವಹಣೆ; ಕೊಯ್ಲೋತ್ತರ ನಿರ್ವಹಣೆ; ಪ್ಯಾಕ್ ಹೌಸ್, ಪ್ರಾಥಮಿಕ ಸಂಸ್ಕರಣಾ ಘಟಕ, ಶೀತಲ ಗೃಹ; ಸ್ಟಾಟ್ ಮೊಬೈಲ್ ವೆಂಡಿಂಗ್ ಕಾರ್ಟ್ ಪೂರೈಕೆ; ಹನಿ ನೀರಾವರಿ; ಪುನಶ್ಚೇತನ, ಜೇನು ಸಾಕಾಣಿಕೆ ಕಾರ್ಯಕ್ರಮಗಳಿಗೆ ಅರ್ಜಿ ಸಲ್ಲಿಸಬಹುದು.
ಮಹಾತ್ಮಾ ಗಾಂಧಿ ರಾಷ್ಟ್ರೀಯ ಗ್ರಾಮೀಣ ಉದ್ಯೋಗ ಖಾತ್ರಿ ಯೋಜನೆ
Mahatma Gandhi National Rural Employment Guarantee Act
ಕೆಲಸ ಕೇಳಿ ಪಡೆಯಿರಿ
ಮಿನಿಟ್ರ್ಯಾಕ್ಟರ್, ಪವರ್ ಟಿಲ್ಲರ್, ಟ್ರ್ಯಾಕ್ಟರ್ ಚಾಲಿತ ಸ್ಪ್ರೇಯರ್ ಗಳಿಗೆ ಸಹಾಯಧನ ನೀಡಲಾಗುವುದು. ಮಹಾತ್ಮ ಗಾಂಧಿ ರಾಷ್ಟ್ರೀಯ ಉದ್ಯೋಗ ಖಾತ್ರಿ (ನರೇಗಾ) ಯೋಜನೆಯಡಿ ಪೂರ್ವ ನಿರ್ಧರಿಸಿದ ಗ್ರಾಮ ಪಂಚಾಯತಿಗಳಲ್ಲಿ 2025-26ನೇ ಸಾಲಿನ ಕ್ರಿಯಾ ಯೋಜನೆಯಲ್ಲಿ ಸೇರಿಸಲು ಇಚ್ಛೆಯುಳ್ಳ ರೈತರು ಅರ್ಜಿ ಸಲ್ಲಿಸಬಹುದು. ಹೊಸ ಪ್ರದೇಶ ವಿಸ್ತರಣೆಗೆ ಮಾವು, ಪಪ್ಪಾಯ, ಬಾಳೆ, ತೆಂಗು, ನುಗ್ಗೆ, ಸೀಬೆ, ನೇರಳೆ, ಕರಿಬೇವು, ಗುಲಾಬಿ ಬೆಳೆಗಳನ್ನು ಬೆಳೆಯಬಹುದಾಗಿದೆ.
ಅಭಿವೃದ್ಧಿಪಡಿಸಿಕೊಂಡು ಸದುಪಯೋಗ ಪಡೆದುಕೊಳ್ಳಬಹುದಾಗಿದೆ. ಆಸಕ್ತ ರೈತರು ಅರ್ಜಿಯನ್ನು ಜೂನ್ 5ರೊಳಗಾಗಿ ಮಧುಗಿರಿ ತಾಲ್ಲೂಕು ಹಿರಿಯ ಸಹಾಯಕ ತೋಟಗಾರಿಕೆ ನಿರ್ದೇಶಕರ ಕಚೇರಿ ಅಥವಾ ಹತ್ತಿರದ ಗ್ರಾಮ ಪಂಚಾಯಿತಿ ಕಚೇರಿಗೆ ಸಲ್ಲಿಸಬಹುದು. ಹೆಚ್ಚಿನ ಮಾಹಿತಿಗಾಗಿ ಮಧುಗಿರಿ ತಾಲೂಕಿನ ಹಿರಿಯ ಸಹಾಯಕ ತೋಟಗಾರಿಕೆ ನಿರ್ದೇಶಕರ ಕಚೇರಿ ಅಥವಾ ಸಹಾಯಕ ತೋಟಗಾರಿಕೆ ಅಧಿಕಾರಿ ಮಿಡಿಗೇಶಿ-ಮೊ.ಸಂ.8095513992, ಐ.ಡಿ.ಹಳ್ಳಿ-9916263620, ಪುರವರ-9902016445, ಕೊಡಿಗೇನಹಳ್ಳಿ-7338397192, ಮಿಡಿಗೇಶಿ-9148408616, ಕಸಬಾ-7795102576ನ್ನು ಸಂಪರ್ಕಿಸಬಹುದಾಗಿದೆ ಎಂದು ಹಿರಿಯ ಸಹಾಯಕ ತೋಟಗಾರಿಕೆ ನಿರ್ದೇಶಕರು ಪ್ರಕಟಣೆಯಲ್ಲಿ ತಿಳಿಸಿದ್ದಾರೆ.
Printed by: H.S. PARAMESH,7th Cross, Srirama Nagara, Tumakuru-572101,Tumakuru Dist. Karnataka, Published & Owned by: RAGHU A.N,New Extension, Arakere post, Tumakuru-572106, Printed at : SRI LAKSHMI NARASIMHA OFFSET PRINTERS,7th Cross,
Srirama Nagara, Tumakuru-572101,Tumakuru Dist. Karnataka. Published at : At New Extension, Arakere post, Tumakuru -572106, Tumakuru Dist, Karnataka. Editor : RAGHU A.N,New Extension, Arakere post, Tumakuru -572106, Tumakuru Dist, Karnataka.
